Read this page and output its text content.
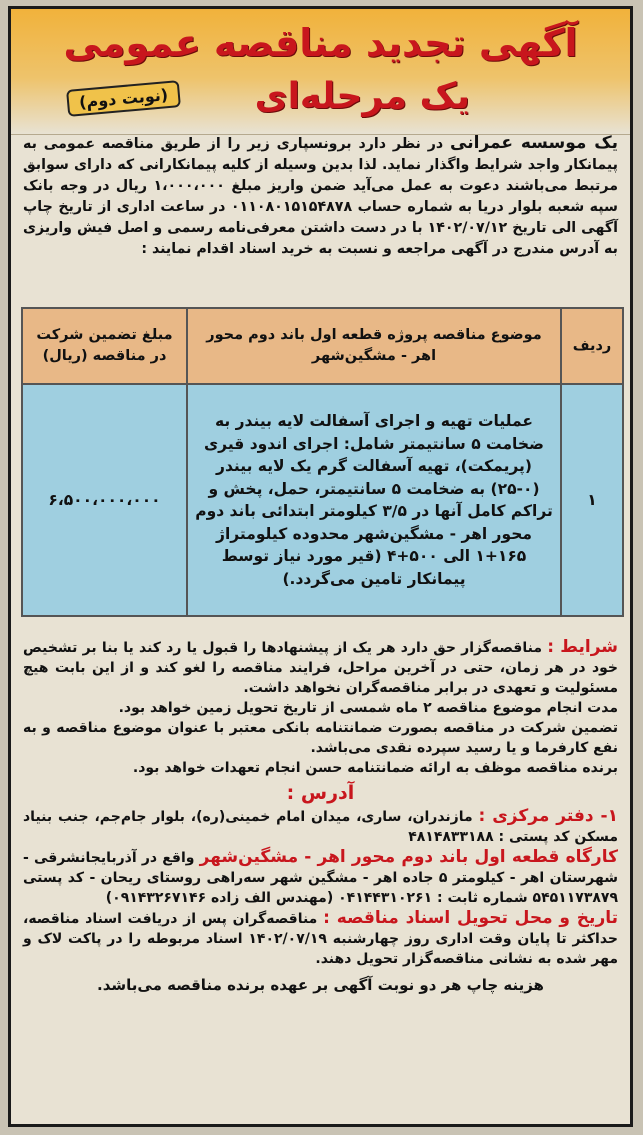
آگهی تجدید مناقصه عمومی
یک مرحله‌ای
(نوبت دوم)
یک موسسه عمرانی در نظر دارد برونسپاری زیر را از طریق مناقصه عمومی به پیمانکار واجد شرایط واگذار نماید. لذا بدین وسیله از کلیه پیمانکارانی که دارای سوابق مرتبط می‌باشند دعوت به عمل می‌آید ضمن واریز مبلغ ۱،۰۰۰،۰۰۰ ریال در وجه بانک سپه شعبه بلوار دریا به شماره حساب ۰۱۱۰۸۰۱۵۱۵۴۸۷۸ در ساعت اداری از تاریخ چاپ آگهی الی تاریخ ۱۴۰۲/۰۷/۱۲ با در دست داشتن معرفی‌نامه رسمی و اصل فیش واریزی به آدرس مندرج در آگهی مراجعه و نسبت به خرید اسناد اقدام نمایند :
ردیف	موضوع مناقصه پروژه قطعه اول باند دوم محور اهر - مشگین‌شهر	مبلغ تضمین شرکت در مناقصه (ریال)
۱	عملیات تهیه و اجرای آسفالت لایه بیندر به ضخامت ۵ سانتیمتر شامل: اجرای اندود قیری (پریمکت)، تهیه آسفالت گرم یک لایه بیندر (۰-۲۵) به ضخامت ۵ سانتیمتر، حمل، پخش و تراکم کامل آنها در ۳/۵ کیلومتر ابتدائی باند دوم محور اهر - مشگین‌شهر محدوده کیلومتراژ ۱۶۵+۱ الی ۵۰۰+۴ (قیر مورد نیاز توسط پیمانکار تامین می‌گردد.)	۶،۵۰۰،۰۰۰،۰۰۰
شرایط : مناقصه‌گزار حق دارد هر یک از پیشنهادها را قبول یا رد کند یا بنا بر تشخیص خود در هر زمان، حتی در آخرین مراحل، فرایند مناقصه را لغو کند و از این بابت هیچ مسئولیت و تعهدی در برابر مناقصه‌گران نخواهد داشت.
مدت انجام موضوع مناقصه ۲ ماه شمسی از تاریخ تحویل زمین خواهد بود.
تضمین شرکت در مناقصه بصورت ضمانتنامه بانکی معتبر با عنوان موضوع مناقصه و به نفع کارفرما و یا رسید سپرده نقدی می‌باشد.
برنده مناقصه موظف به ارائه ضمانتنامه حسن انجام تعهدات خواهد بود.
آدرس :
۱- دفتر مرکزی : مازندران، ساری، میدان امام خمینی(ره)، بلوار جام‌جم، جنب بنیاد مسکن کد پستی : ۴۸۱۴۸۳۳۱۸۸
کارگاه قطعه اول باند دوم محور اهر - مشگین‌شهر واقع در آذربایجانشرقی - شهرستان اهر - کیلومتر ۵ جاده اهر - مشگین شهر سه‌راهی روستای ریحان - کد پستی ۵۴۵۱۱۷۳۸۷۹ شماره ثابت : ۰۴۱۴۴۳۱۰۲۶۱ (مهندس الف زاده ۰۹۱۴۳۲۶۷۱۴۶)
تاریخ و محل تحویل اسناد مناقصه : مناقصه‌گران پس از دریافت اسناد مناقصه، حداکثر تا پایان وقت اداری روز چهارشنبه ۱۴۰۲/۰۷/۱۹ اسناد مربوطه را در پاکت لاک و مهر شده به نشانی مناقصه‌گزار تحویل دهند.
هزینه چاپ هر دو نوبت آگهی بر عهده برنده مناقصه می‌باشد.
